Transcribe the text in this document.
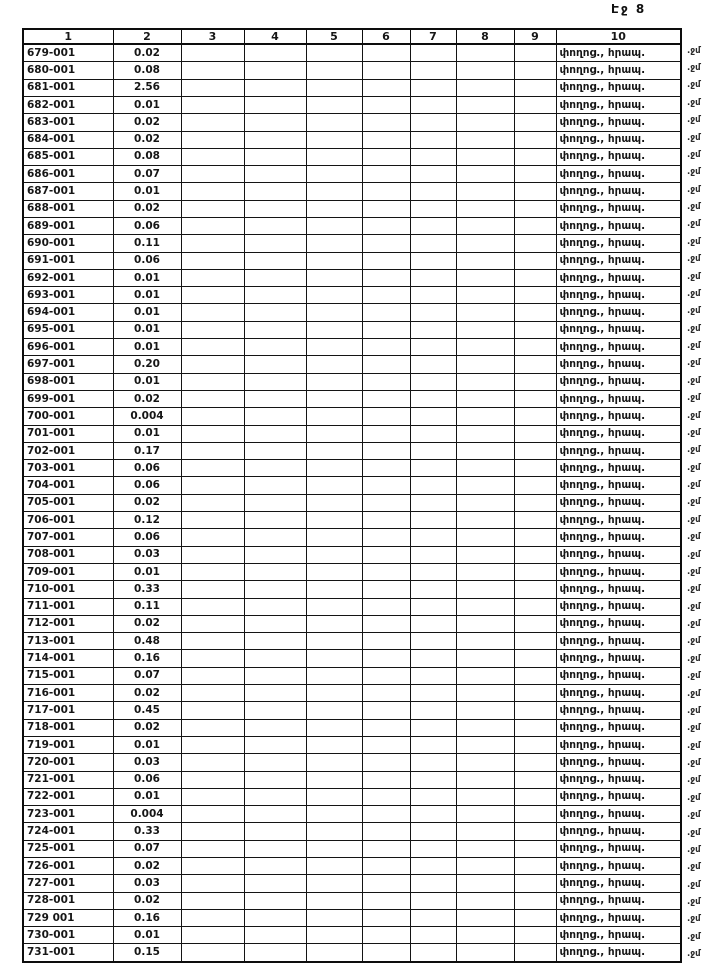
Էջ 8
1	2	3	4	5	6	7	8	9	10
679-001	0.02								փողոց., հրապ.
680-001	0.08								փողոց., հրապ.
681-001	2.56								փողոց., հրապ.
682-001	0.01								փողոց., հրապ.
683-001	0.02								փողոց., հրապ.
684-001	0.02								փողոց., հրապ.
685-001	0.08								փողոց., հրապ.
686-001	0.07								փողոց., հրապ.
687-001	0.01								փողոց., հրապ.
688-001	0.02								փողոց., հրապ.
689-001	0.06								փողոց., հրապ.
690-001	0.11								փողոց., հրապ.
691-001	0.06								փողոց., հրապ.
692-001	0.01								փողոց., հրապ.
693-001	0.01								փողոց., հրապ.
694-001	0.01								փողոց., հրապ.
695-001	0.01								փողոց., հրապ.
696-001	0.01								փողոց., հրապ.
697-001	0.20								փողոց., հրապ.
698-001	0.01								փողոց., հրապ.
699-001	0.02								փողոց., հրապ.
700-001	0.004								փողոց., հրապ.
701-001	0.01								փողոց., հրապ.
702-001	0.17								փողոց., հրապ.
703-001	0.06								փողոց., հրապ.
704-001	0.06								փողոց., հրապ.
705-001	0.02								փողոց., հրապ.
706-001	0.12								փողոց., հրապ.
707-001	0.06								փողոց., հրապ.
708-001	0.03								փողոց., հրապ.
709-001	0.01								փողոց., հրապ.
710-001	0.33								փողոց., հրապ.
711-001	0.11								փողոց., հրապ.
712-001	0.02								փողոց., հրապ.
713-001	0.48								փողոց., հրապ.
714-001	0.16								փողոց., հրապ.
715-001	0.07								փողոց., հրապ.
716-001	0.02								փողոց., հրապ.
717-001	0.45								փողոց., հրապ.
718-001	0.02								փողոց., հրապ.
719-001	0.01								փողոց., հրապ.
720-001	0.03								փողոց., հրապ.
721-001	0.06								փողոց., հրապ.
722-001	0.01								փողոց., հրապ.
723-001	0.004								փողոց., հրապ.
724-001	0.33								փողոց., հրապ.
725-001	0.07								փողոց., հրապ.
726-001	0.02								փողոց., հրապ.
727-001	0.03								փողոց., հրապ.
728-001	0.02								փողոց., հրապ.
729 001	0.16								փողոց., հրապ.
730-001	0.01								փողոց., հրապ.
731-001	0.15								փողոց., հրապ.
.ջմ
.ջմ
.ջմ
.ջմ
.ջմ
.ջմ
.ջմ
.ջմ
.ջմ
.ջմ
.ջմ
.ջմ
.ջմ
.ջմ
.ջմ
.ջմ
.ջմ
.ջմ
.ջմ
.ջմ
.ջմ
.ջմ
.ջմ
.ջմ
.ջմ
.ջմ
.ջմ
.ջմ
.ջմ
.ջմ
.ջմ
.ջմ
.ջմ
.ջմ
.ջմ
.ջմ
.ջմ
.ջմ
.ջմ
.ջմ
.ջմ
.ջմ
.ջմ
.ջմ
.ջմ
.ջմ
.ջմ
.ջմ
.ջմ
.ջմ
.ջմ
.ջմ
.ջմ
